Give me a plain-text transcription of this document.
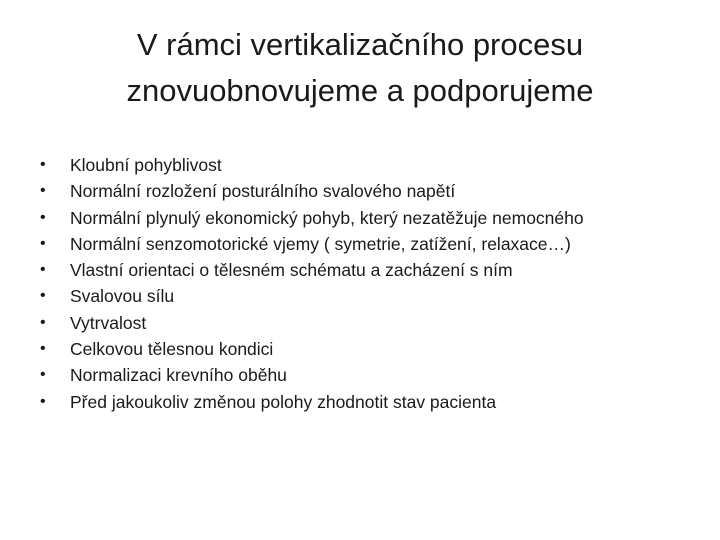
V rámci vertikalizačního procesu
znovuobnovujeme a podporujeme
•	Kloubní pohyblivost
•	Normální rozložení posturálního svalového napětí
•	Normální plynulý ekonomický pohyb, který nezatěžuje nemocného
•	Normální senzomotorické vjemy ( symetrie, zatížení, relaxace…)
•	Vlastní orientaci o tělesném schématu a zacházení s ním
•	Svalovou sílu
•	Vytrvalost
•	Celkovou tělesnou kondici
•	Normalizaci krevního oběhu
•	Před jakoukoliv změnou polohy zhodnotit stav pacienta
